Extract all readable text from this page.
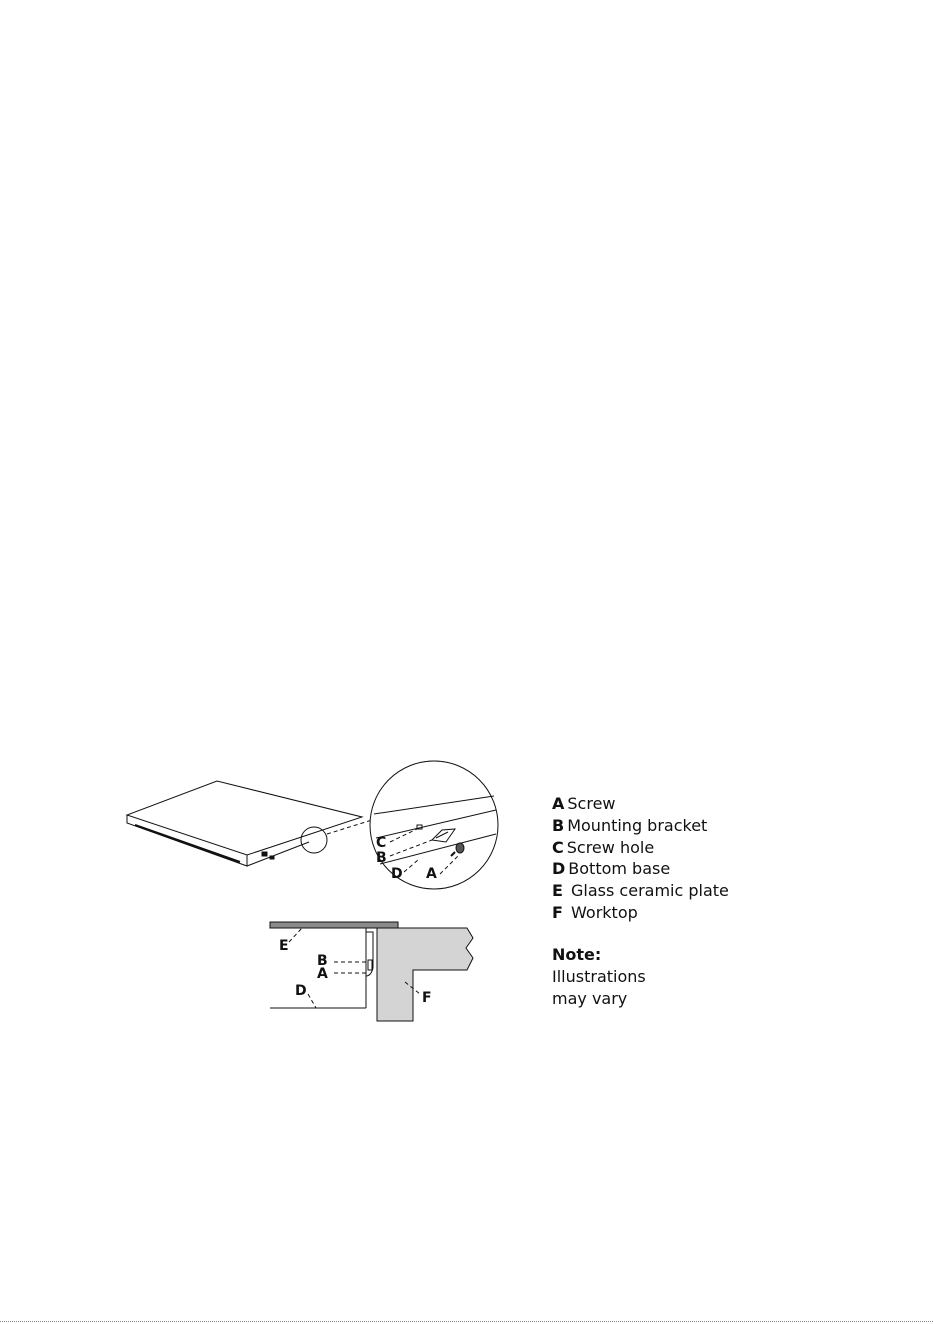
C
B
D A
E
B
A
D	F
A Screw
B Mounting bracket
C Screw hole
D Bottom base
E Glass ceramic plate
F Worktop
Note:
Illustrations
may vary
